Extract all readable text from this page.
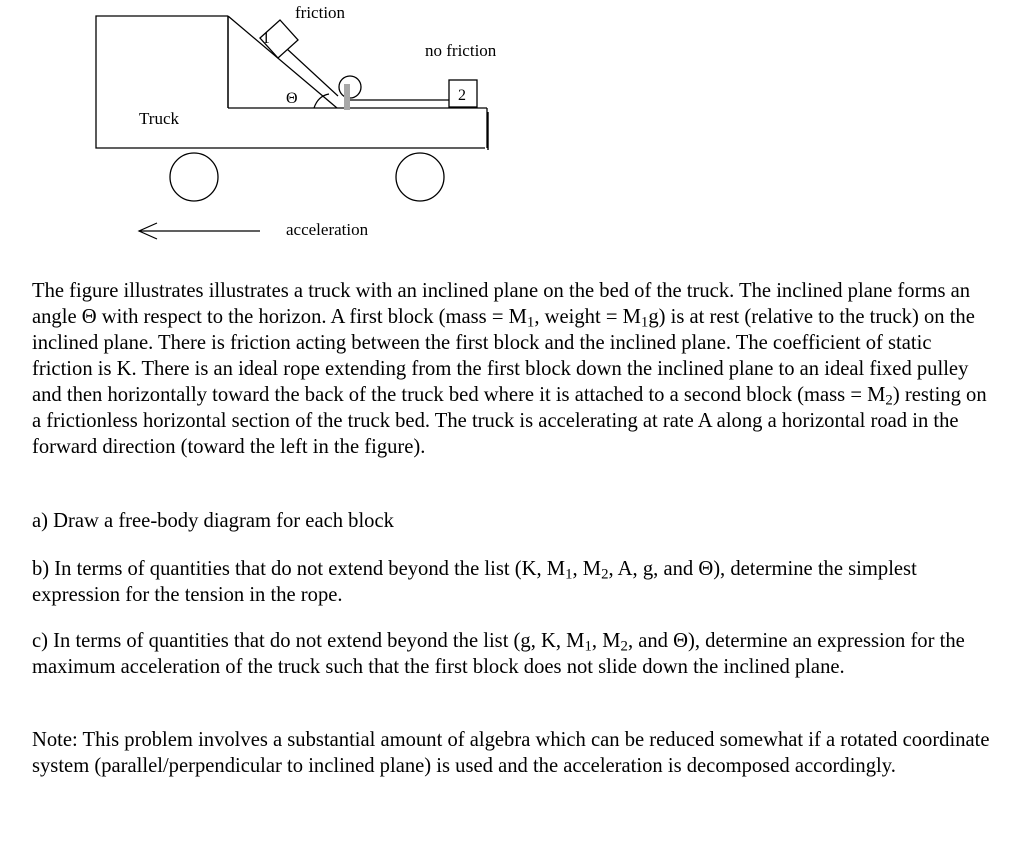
1
2
Θ
friction
no friction
Truck
acceleration

The figure illustrates illustrates a truck with an inclined plane on the bed of the truck. The inclined plane forms an angle Θ with respect to the horizon. A first block (mass = $M_1$, weight = $M_1g$) is at rest (relative to the truck) on the inclined plane. There is friction acting between the first block and the inclined plane. The coefficient of static friction is K. There is an ideal rope extending from the first block down the inclined plane to an ideal fixed pulley and then horizontally toward the back of the truck bed where it is attached to a second block (mass = $M_2$) resting on a frictionless horizontal section of the truck bed. The truck is accelerating at rate A along a horizontal road in the forward direction (toward the left in the figure).

a) Draw a free-body diagram for each block

b) In terms of quantities that do not extend beyond the list (K, $M_1$, $M_2$, A, g, and Θ), determine the simplest expression for the tension in the rope.

c) In terms of quantities that do not extend beyond the list (g, K, $M_1$, $M_2$, and Θ), determine an expression for the maximum acceleration of the truck such that the first block does not slide down the inclined plane.

Note: This problem involves a substantial amount of algebra which can be reduced somewhat if a rotated coordinate system (parallel/perpendicular to inclined plane) is used and the acceleration is decomposed accordingly.
